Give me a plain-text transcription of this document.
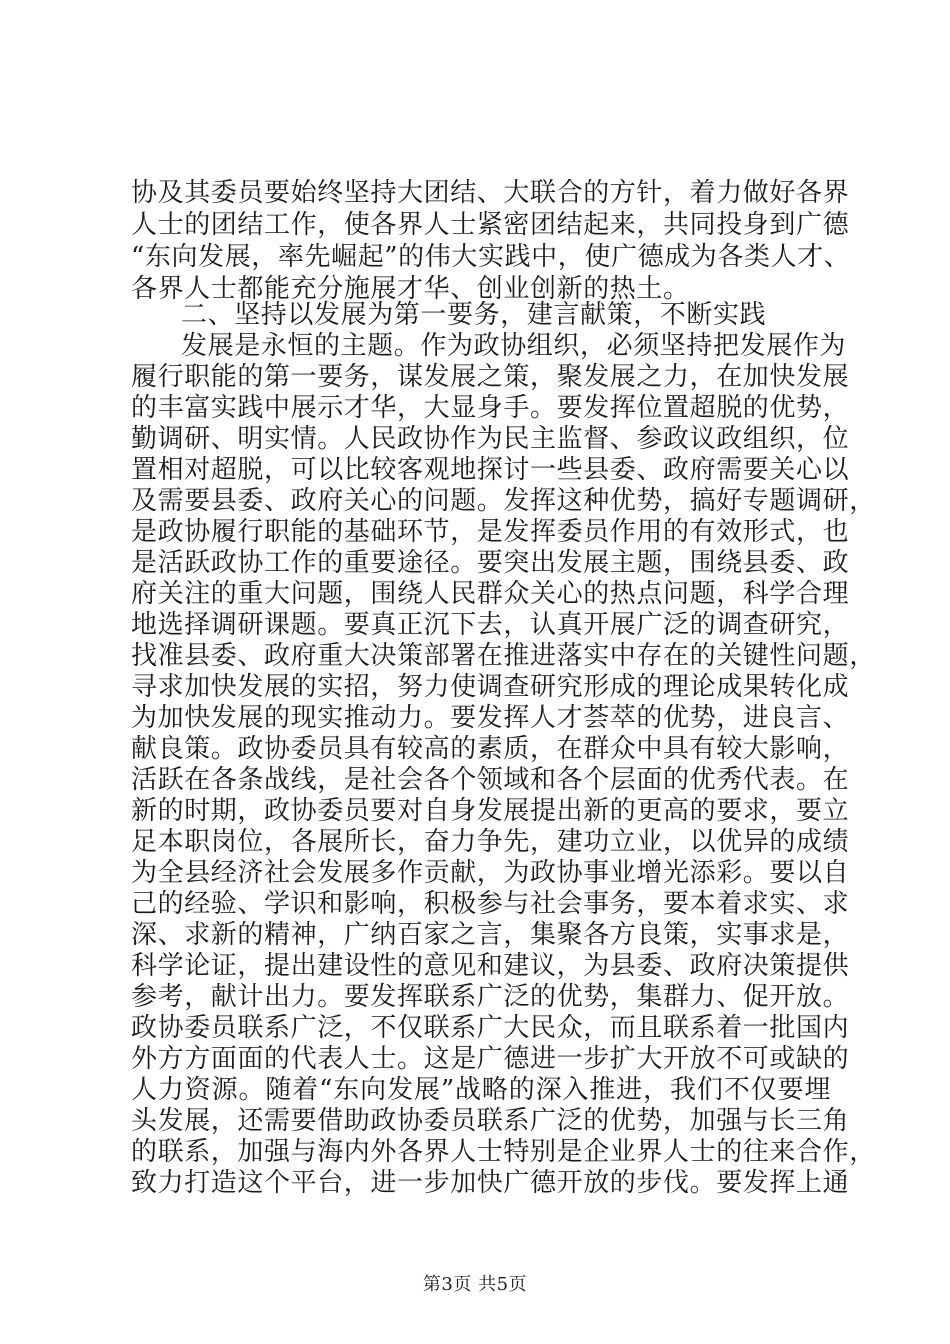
协及其委员要始终坚持大团结、大联合的方针，着力做好各界
人士的团结工作，使各界人士紧密团结起来，共同投身到广德
“东向发展，率先崛起”的伟大实践中，使广德成为各类人才、
各界人士都能充分施展才华、创业创新的热土。
二、坚持以发展为第一要务，建言献策，不断实践
发展是永恒的主题。作为政协组织，必须坚持把发展作为
履行职能的第一要务，谋发展之策，聚发展之力，在加快发展
的丰富实践中展示才华，大显身手。要发挥位置超脱的优势，
勤调研、明实情。人民政协作为民主监督、参政议政组织，位
置相对超脱，可以比较客观地探讨一些县委、政府需要关心以
及需要县委、政府关心的问题。发挥这种优势，搞好专题调研，
是政协履行职能的基础环节，是发挥委员作用的有效形式，也
是活跃政协工作的重要途径。要突出发展主题，围绕县委、政
府关注的重大问题，围绕人民群众关心的热点问题，科学合理
地选择调研课题。要真正沉下去，认真开展广泛的调查研究，
找准县委、政府重大决策部署在推进落实中存在的关键性问题，
寻求加快发展的实招，努力使调查研究形成的理论成果转化成
为加快发展的现实推动力。要发挥人才荟萃的优势，进良言、
献良策。政协委员具有较高的素质，在群众中具有较大影响，
活跃在各条战线，是社会各个领域和各个层面的优秀代表。在
新的时期，政协委员要对自身发展提出新的更高的要求，要立
足本职岗位，各展所长，奋力争先，建功立业，以优异的成绩
为全县经济社会发展多作贡献，为政协事业增光添彩。要以自
己的经验、学识和影响，积极参与社会事务，要本着求实、求
深、求新的精神，广纳百家之言，集聚各方良策，实事求是，
科学论证，提出建设性的意见和建议，为县委、政府决策提供
参考，献计出力。要发挥联系广泛的优势，集群力、促开放。
政协委员联系广泛，不仅联系广大民众，而且联系着一批国内
外方方面面的代表人士。这是广德进一步扩大开放不可或缺的
人力资源。随着“东向发展”战略的深入推进，我们不仅要埋
头发展，还需要借助政协委员联系广泛的优势，加强与长三角
的联系，加强与海内外各界人士特别是企业界人士的往来合作，
致力打造这个平台，进一步加快广德开放的步伐。要发挥上通
第3页 共5页
